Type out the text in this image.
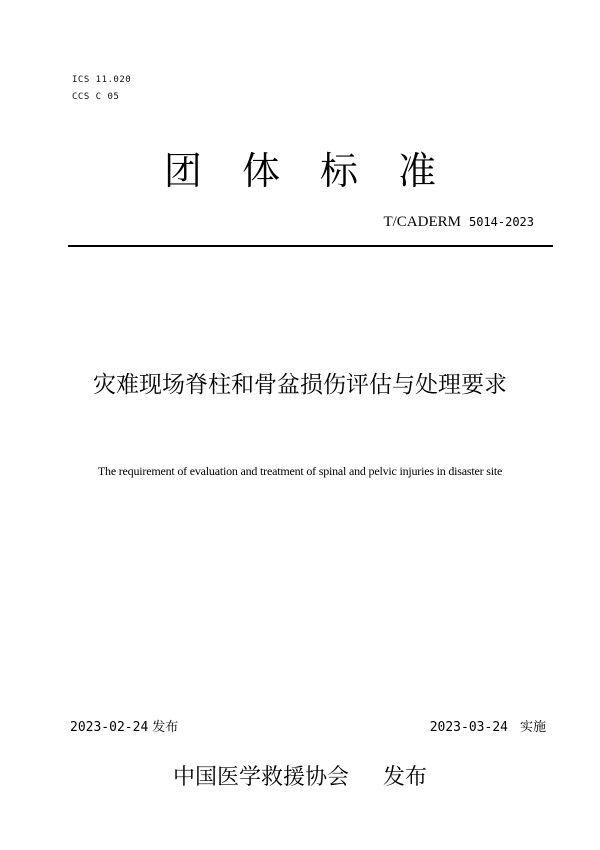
ICS 11.020
CCS C 05
团 体 标 准
T/CADERM 5014-2023
灾难现场脊柱和骨盆损伤评估与处理要求
The requirement of evaluation and treatment of spinal and pelvic injuries in disaster site
2023-02-24 发布	2023-03-24 实施
中国医学救援协会 发布
